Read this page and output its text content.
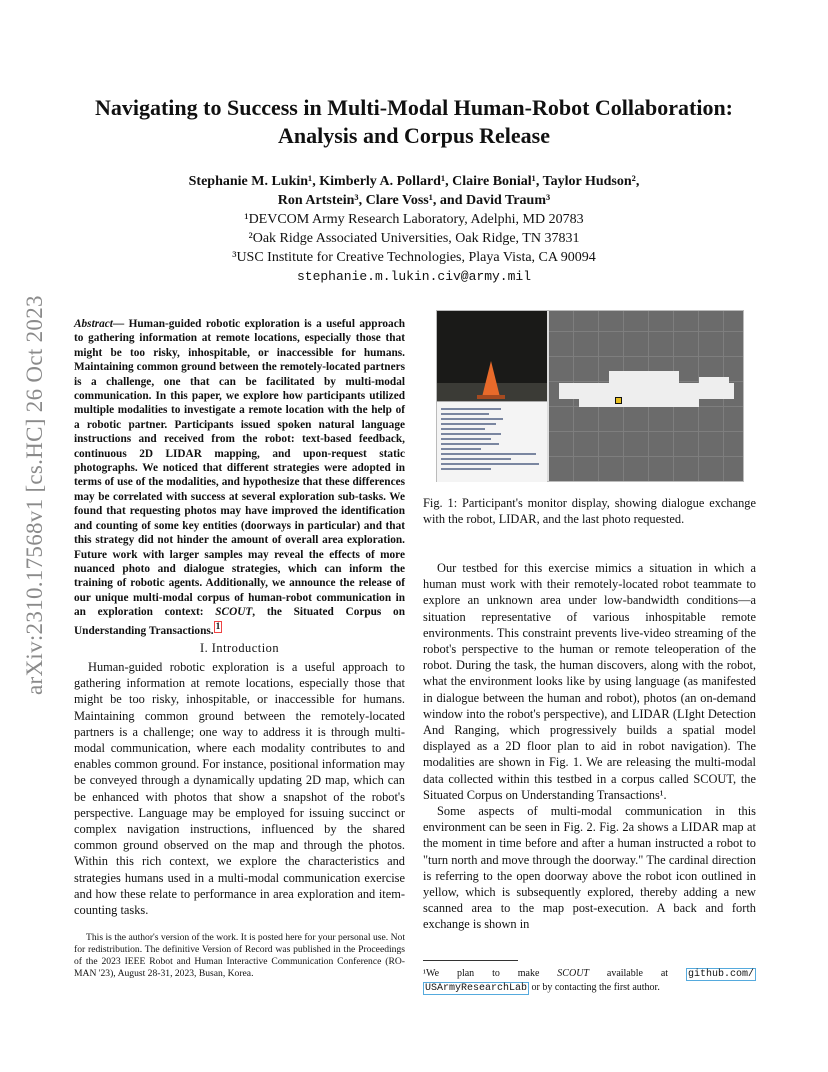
arXiv:2310.17568v1 [cs.HC] 26 Oct 2023
Navigating to Success in Multi-Modal Human-Robot Collaboration: Analysis and Corpus Release
Stephanie M. Lukin¹, Kimberly A. Pollard¹, Claire Bonial¹, Taylor Hudson²,
Ron Artstein³, Clare Voss¹, and David Traum³
¹DEVCOM Army Research Laboratory, Adelphi, MD 20783
²Oak Ridge Associated Universities, Oak Ridge, TN 37831
³USC Institute for Creative Technologies, Playa Vista, CA 90094
stephanie.m.lukin.civ@army.mil
Abstract— Human-guided robotic exploration is a useful approach to gathering information at remote locations, especially those that might be too risky, inhospitable, or inaccessible for humans. Maintaining common ground between the remotely-located partners is a challenge, one that can be facilitated by multi-modal communication. In this paper, we explore how participants utilized multiple modalities to investigate a remote location with the help of a robotic partner. Participants issued spoken natural language instructions and received from the robot: text-based feedback, continuous 2D LIDAR mapping, and upon-request static photographs. We noticed that different strategies were adopted in terms of use of the modalities, and hypothesize that these differences may be correlated with success at several exploration sub-tasks. We found that requesting photos may have improved the identification and counting of some key entities (doorways in particular) and that this strategy did not hinder the amount of overall area exploration. Future work with larger samples may reveal the effects of more nuanced photo and dialogue strategies, which can inform the training of robotic agents. Additionally, we announce the release of our unique multi-modal corpus of human-robot communication in an exploration context: SCOUT, the Situated Corpus on Understanding Transactions. $^1$
I. Introduction
Human-guided robotic exploration is a useful approach to gathering information at remote locations, especially those that might be too risky, inhospitable, or inaccessible for humans. Maintaining common ground between the remotely-located partners is a challenge; one way to address it is through multi-modal communication, where each modality contributes to and enables common ground. For instance, positional information may be conveyed through a dynamically updating 2D map, which can be enhanced with photos that show a snapshot of the robot's perspective. Language may be employed for issuing succinct or complex navigation instructions, influenced by the shared common ground observed on the map and through the photos. Within this rich context, we explore the characteristics and strategies humans used in a multi-modal communication exercise and how these relate to performance in area exploration and item-counting tasks.
This is the author's version of the work. It is posted here for your personal use. Not for redistribution. The definitive Version of Record was published in the Proceedings of the 2023 IEEE Robot and Human Interactive Communication Conference (RO-MAN '23), August 28-31, 2023, Busan, Korea.
Fig. 1: Participant's monitor display, showing dialogue exchange with the robot, LIDAR, and the last photo requested.

Our testbed for this exercise mimics a situation in which a human must work with their remotely-located robot teammate to explore an unknown area under low-bandwidth conditions—a situation representative of various inhospitable remote environments. This constraint prevents live-video streaming of the robot's perspective to the human or remote teleoperation of the robot. During the task, the human discovers, along with the robot, what the environment looks like by using language (as manifested in dialogue between the human and robot), photos (an on-demand window into the robot's perspective), and LIDAR (LIght Detection And Ranging, which progressively builds a spatial model displayed as a 2D floor plan to aid in robot navigation). The modalities are shown in Fig. 1. We are releasing the multi-modal data collected within this testbed in a corpus called SCOUT, the Situated Corpus on Understanding Transactions¹.

Some aspects of multi-modal communication in this environment can be seen in Fig. 2. Fig. 2a shows a LIDAR map at the moment in time before and after a human instructed a robot to "turn north and move through the doorway." The cardinal direction is referring to the open doorway above the robot icon outlined in yellow, which is subsequently explored, thereby adding a new scanned area to the map post-execution. A back and forth exchange is shown in

¹We plan to make SCOUT available at github.com/ USArmyResearchLab or by contacting the first author.
